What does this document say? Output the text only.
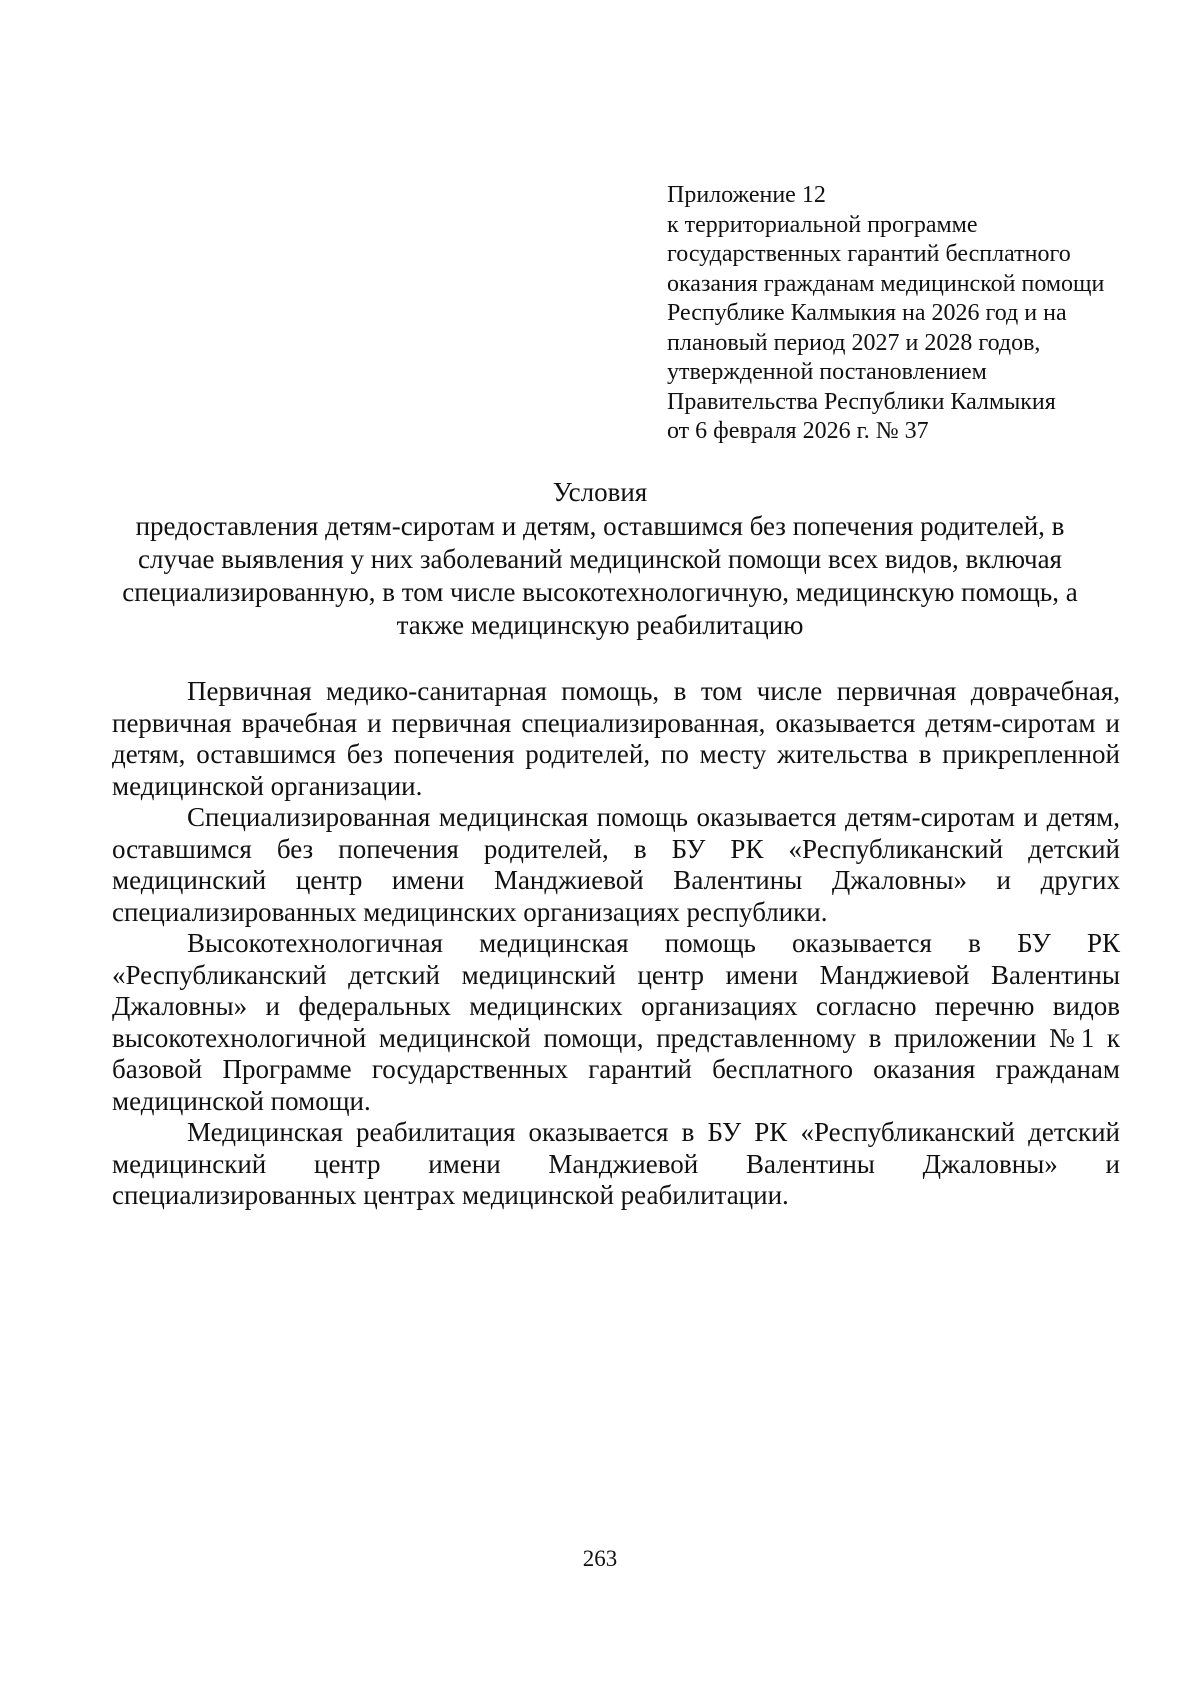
Приложение 12
к территориальной программе
государственных гарантий бесплатного
оказания гражданам медицинской помощи
Республике Калмыкия на 2026 год и на
плановый период 2027 и 2028 годов,
утвержденной постановлением
Правительства Республики Калмыкия
от 6 февраля 2026 г. № 37
Условия
предоставления детям-сиротам и детям, оставшимся без попечения родителей, в случае выявления у них заболеваний медицинской помощи всех видов, включая специализированную, в том числе высокотехнологичную, медицинскую помощь, а также медицинскую реабилитацию

Первичная медико-санитарная помощь, в том числе первичная доврачебная, первичная врачебная и первичная специализированная, оказывается детям-сиротам и детям, оставшимся без попечения родителей, по месту жительства в прикрепленной медицинской организации.

Специализированная медицинская помощь оказывается детям-сиротам и детям, оставшимся без попечения родителей, в БУ РК «Республиканский детский медицинский центр имени Манджиевой Валентины Джаловны» и других специализированных медицинских организациях республики.

Высокотехнологичная медицинская помощь оказывается в БУ РК «Республиканский детский медицинский центр имени Манджиевой Валентины Джаловны» и федеральных медицинских организациях согласно перечню видов высокотехнологичной медицинской помощи, представленному в приложении №1 к базовой Программе государственных гарантий бесплатного оказания гражданам медицинской помощи.

Медицинская реабилитация оказывается в БУ РК «Республиканский детский медицинский центр имени Манджиевой Валентины Джаловны» и специализированных центрах медицинской реабилитации.

263
